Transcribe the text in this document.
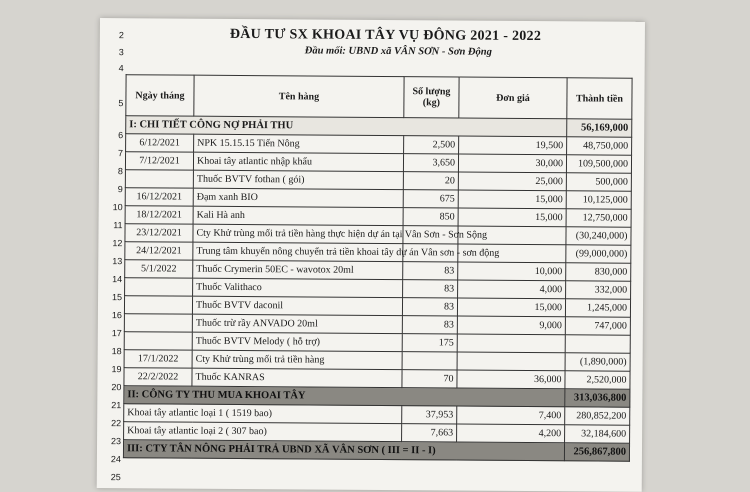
2
3
4
ĐẦU TƯ SX KHOAI TÂY VỤ ĐÔNG 2021 - 2022
Đầu mối: UBND xã VÂN SƠN - Sơn Động
Ngày tháng	Tên hàng	Số lượng (kg)	Đơn giá	Thành tiền
I: CHI TIẾT CÔNG NỢ PHẢI THU				56,169,000
6/12/2021	NPK 15.15.15 Tiến Nông	2,500	19,500	48,750,000
7/12/2021	Khoai tây atlantic nhập khẩu	3,650	30,000	109,500,000
	Thuốc BVTV fothan ( gói)	20	25,000	500,000
16/12/2021	Đạm xanh BIO	675	15,000	10,125,000
18/12/2021	Kali Hà anh	850	15,000	12,750,000
23/12/2021	Cty Khử trùng mối trả tiền hàng thực hiện dự án tại Vân Sơn - Sơn Sộng			(30,240,000)
24/12/2021	Trung tâm khuyến nông chuyển trả tiền khoai tây dự án Vân sơn - sơn động			(99,000,000)
5/1/2022	Thuốc Crymerin 50EC - wavotox 20ml	83	10,000	830,000
	Thuốc Valithaco	83	4,000	332,000
	Thuốc BVTV daconil	83	15,000	1,245,000
	Thuốc trừ rầy ANVADO 20ml	83	9,000	747,000
	Thuốc BVTV Melody ( hỗ trợ)	175		
17/1/2022	Cty Khử trùng mối trả tiền hàng			(1,890,000)
22/2/2022	Thuốc KANRAS	70	36,000	2,520,000
II: CÔNG TY THU MUA KHOAI TÂY				313,036,800
Khoai tây atlantic loại 1 ( 1519 bao)		37,953	7,400	280,852,200
Khoai tây atlantic loại 2 ( 307 bao)		7,663	4,200	32,184,600
III: CTY TÂN NÔNG PHẢI TRẢ UBND XÃ VÂN SƠN ( III = II - I)				256,867,800
5
6
7
8
9
10
11
12
13
14
15
16
17
18
19
20
21
22
23
24
25
